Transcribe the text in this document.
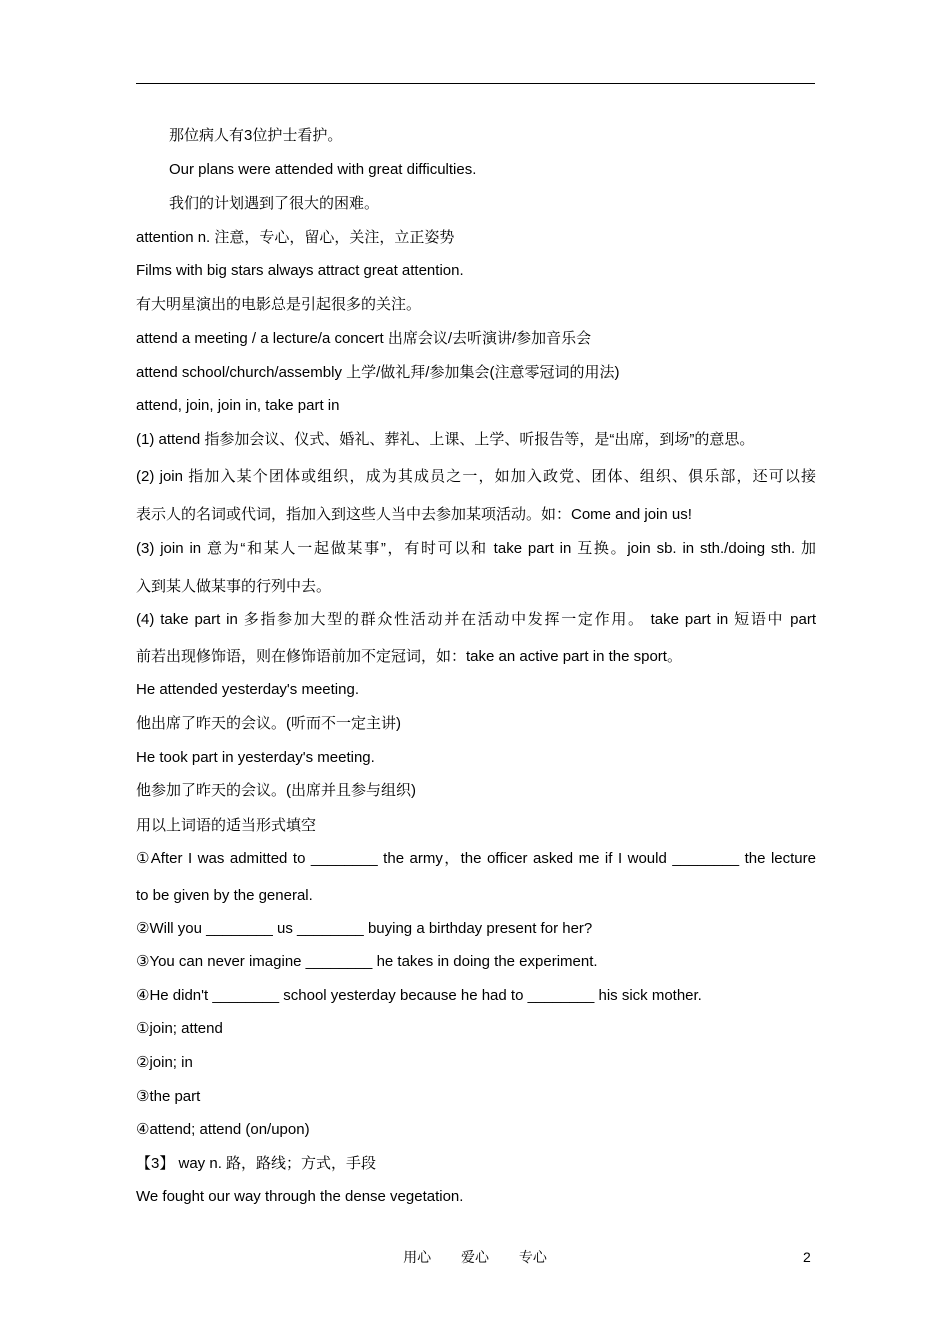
那位病人有3位护士看护。
Our plans were attended with great difficulties.
我们的计划遇到了很大的困难。
attention n. 注意，专心，留心，关注，立正姿势
Films with big stars always attract great attention.
有大明星演出的电影总是引起很多的关注。
attend a meeting / a lecture/a concert 出席会议/去听演讲/参加音乐会
attend school/church/assembly 上学/做礼拜/参加集会(注意零冠词的用法)
attend, join, join in, take part in
(1) attend 指参加会议、仪式、婚礼、葬礼、上课、上学、听报告等，是“出席，到场”的意思。
(2) join 指加入某个团体或组织，成为其成员之一，如加入政党、团体、组织、俱乐部，还可以接
表示人的名词或代词，指加入到这些人当中去参加某项活动。如：Come and join us!
(3) join in 意为“和某人一起做某事”，有时可以和 take part in 互换。join sb. in sth./doing sth. 加
入到某人做某事的行列中去。
(4) take part in 多指参加大型的群众性活动并在活动中发挥一定作用。 take part in 短语中 part
前若出现修饰语，则在修饰语前加不定冠词，如：take an active part in the sport。
He attended yesterday's meeting.
他出席了昨天的会议。(听而不一定主讲)
He took part in yesterday's meeting.
他参加了昨天的会议。(出席并且参与组织)
用以上词语的适当形式填空
①After I was admitted to ________ the army，the officer asked me if I would ________ the lecture
to be given by the general.
②Will you ________ us ________ buying a birthday present for her?
③You can never imagine ________ he takes in doing the experiment.
④He didn't ________ school yesterday because he had to ________ his sick mother.
①join; attend
②join; in
③the part
④attend; attend (on/upon)
【3】 way n. 路，路线；方式，手段
We fought our way through the dense vegetation.
用心 爱心 专心	2
